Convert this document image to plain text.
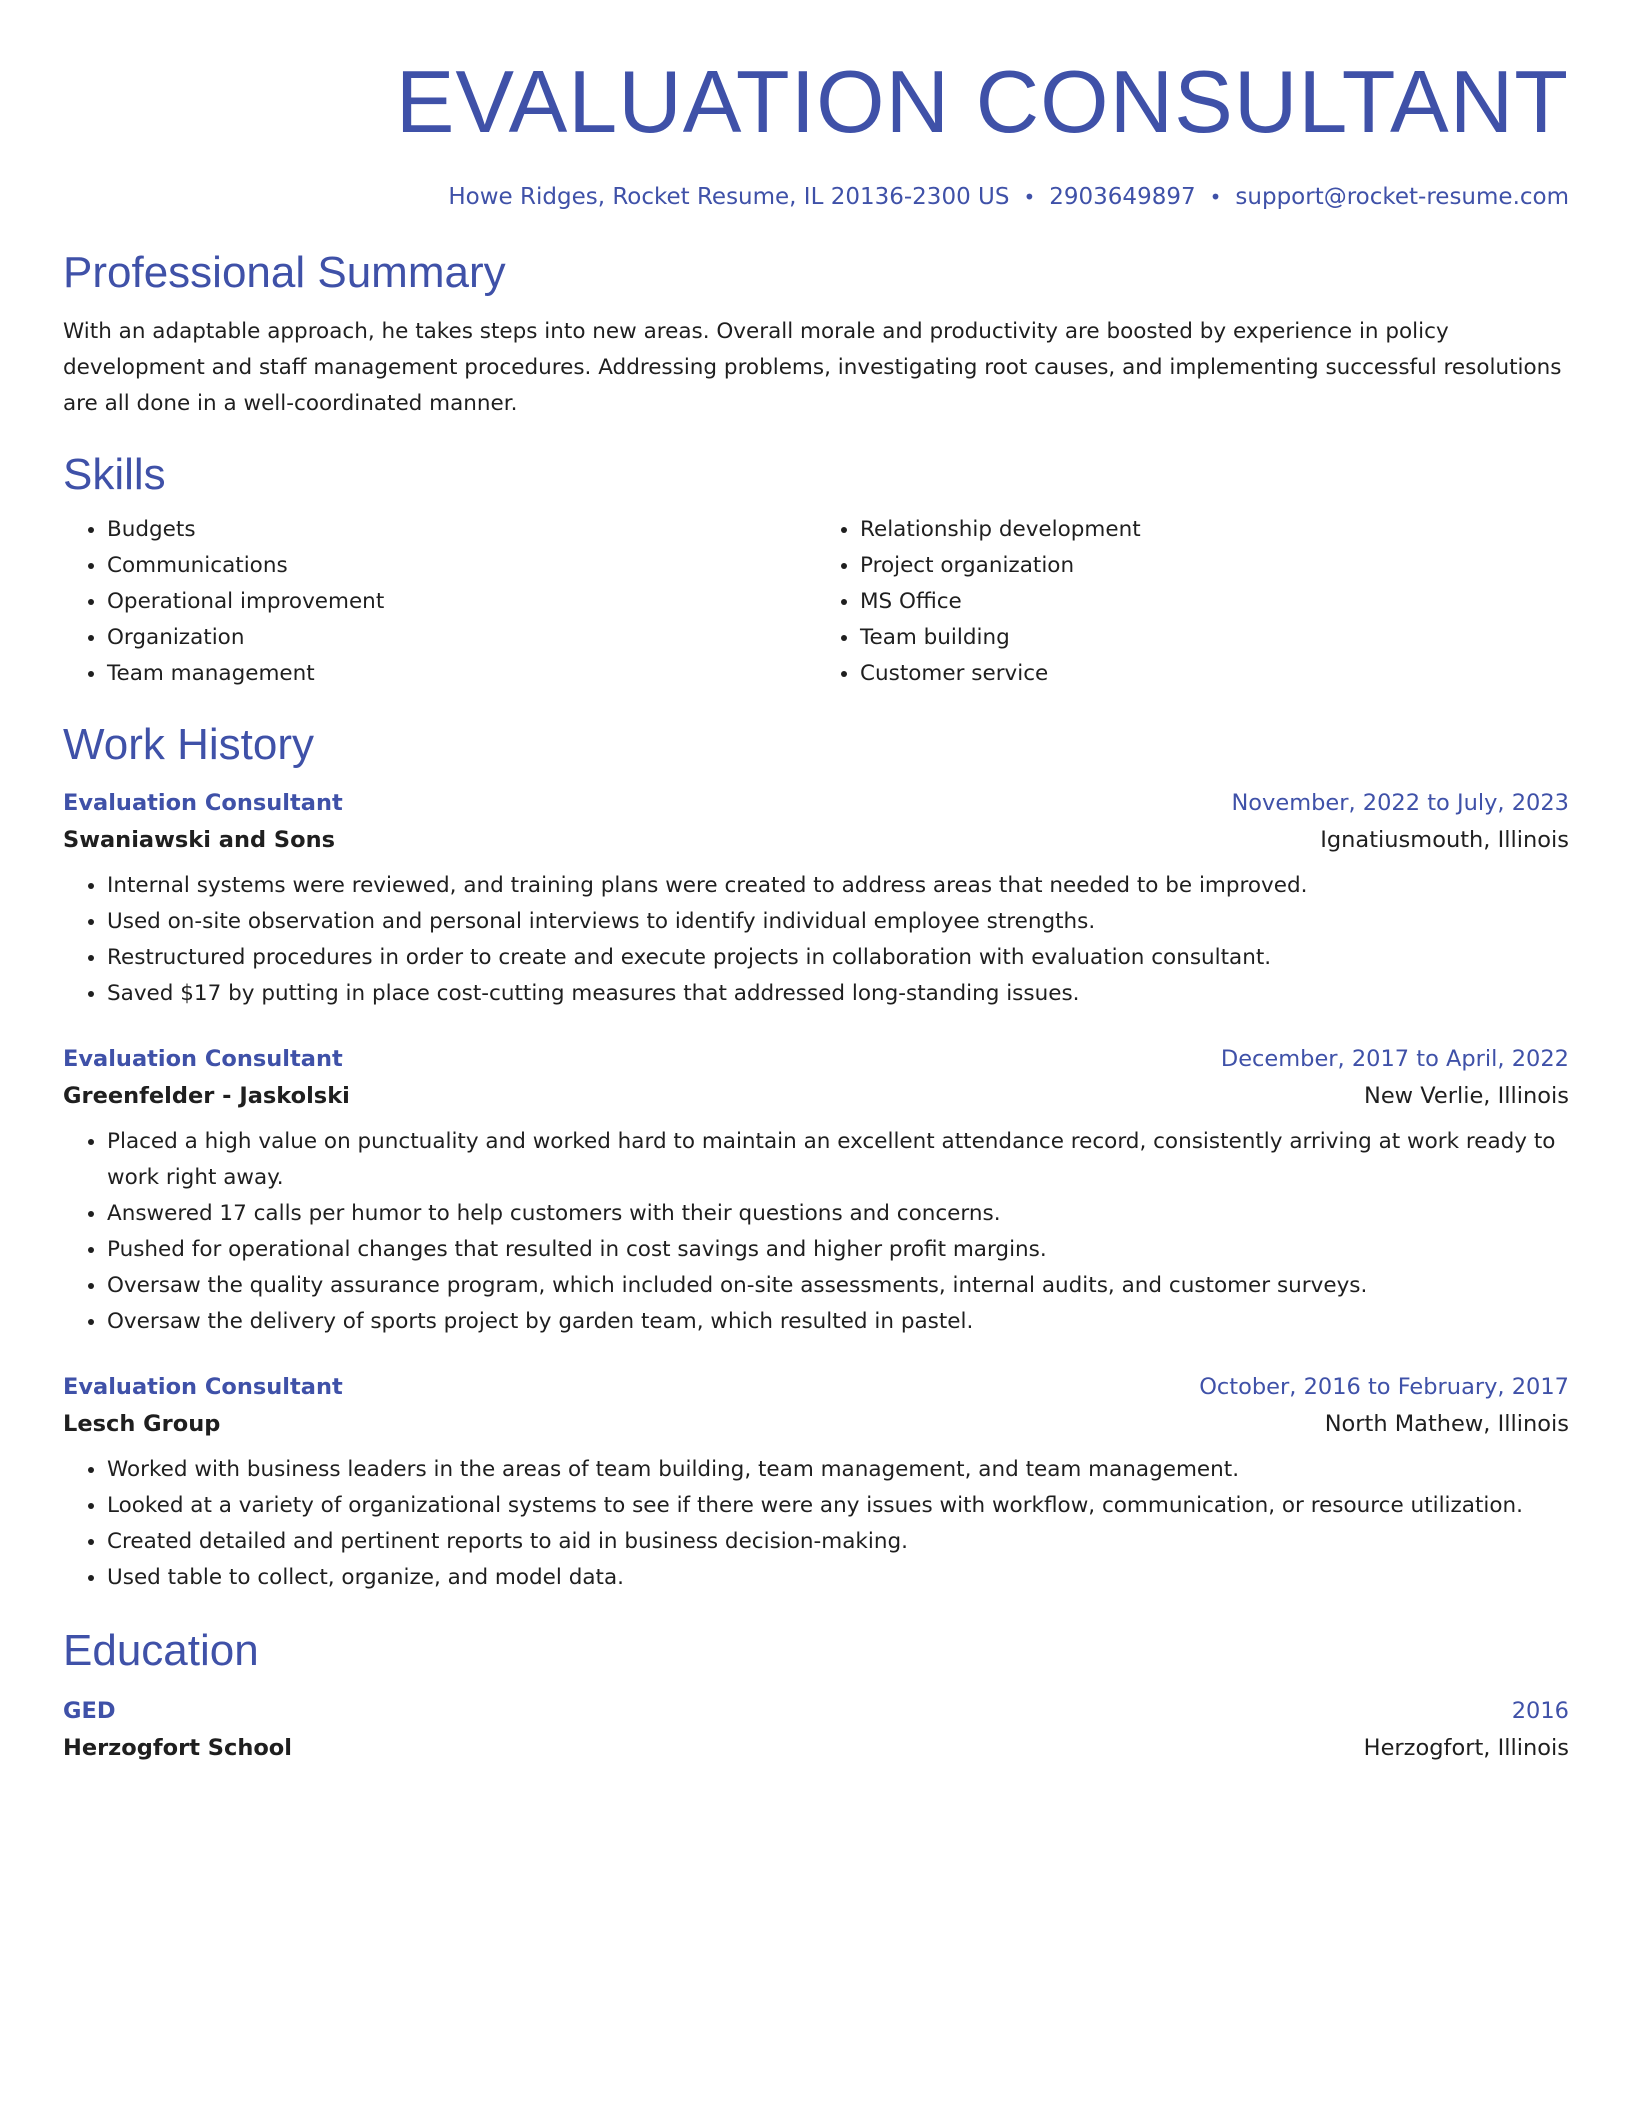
EVALUATION CONSULTANT
Howe Ridges, Rocket Resume, IL 20136-2300 US • 2903649897 • support@rocket-resume.com
Professional Summary

With an adaptable approach, he takes steps into new areas. Overall morale and productivity are boosted by experience in policy development and staff management procedures. Addressing problems, investigating root causes, and implementing successful resolutions are all done in a well-coordinated manner.

Skills
• Budgets
• Communications
• Operational improvement
• Organization
• Team management
• Relationship development
• Project organization
• MS Office
• Team building
• Customer service
Work History
Evaluation Consultant	November, 2022 to July, 2023
Swaniawski and Sons	Ignatiusmouth, Illinois
• Internal systems were reviewed, and training plans were created to address areas that needed to be improved.
• Used on-site observation and personal interviews to identify individual employee strengths.
• Restructured procedures in order to create and execute projects in collaboration with evaluation consultant.
• Saved $17 by putting in place cost-cutting measures that addressed long-standing issues.
Evaluation Consultant	December, 2017 to April, 2022
Greenfelder - Jaskolski	New Verlie, Illinois
• Placed a high value on punctuality and worked hard to maintain an excellent attendance record, consistently arriving at work ready to work right away.
• Answered 17 calls per humor to help customers with their questions and concerns.
• Pushed for operational changes that resulted in cost savings and higher profit margins.
• Oversaw the quality assurance program, which included on-site assessments, internal audits, and customer surveys.
• Oversaw the delivery of sports project by garden team, which resulted in pastel.
Evaluation Consultant	October, 2016 to February, 2017
Lesch Group	North Mathew, Illinois
• Worked with business leaders in the areas of team building, team management, and team management.
• Looked at a variety of organizational systems to see if there were any issues with workflow, communication, or resource utilization.
• Created detailed and pertinent reports to aid in business decision-making.
• Used table to collect, organize, and model data.
Education
GED	2016
Herzogfort School	Herzogfort, Illinois
